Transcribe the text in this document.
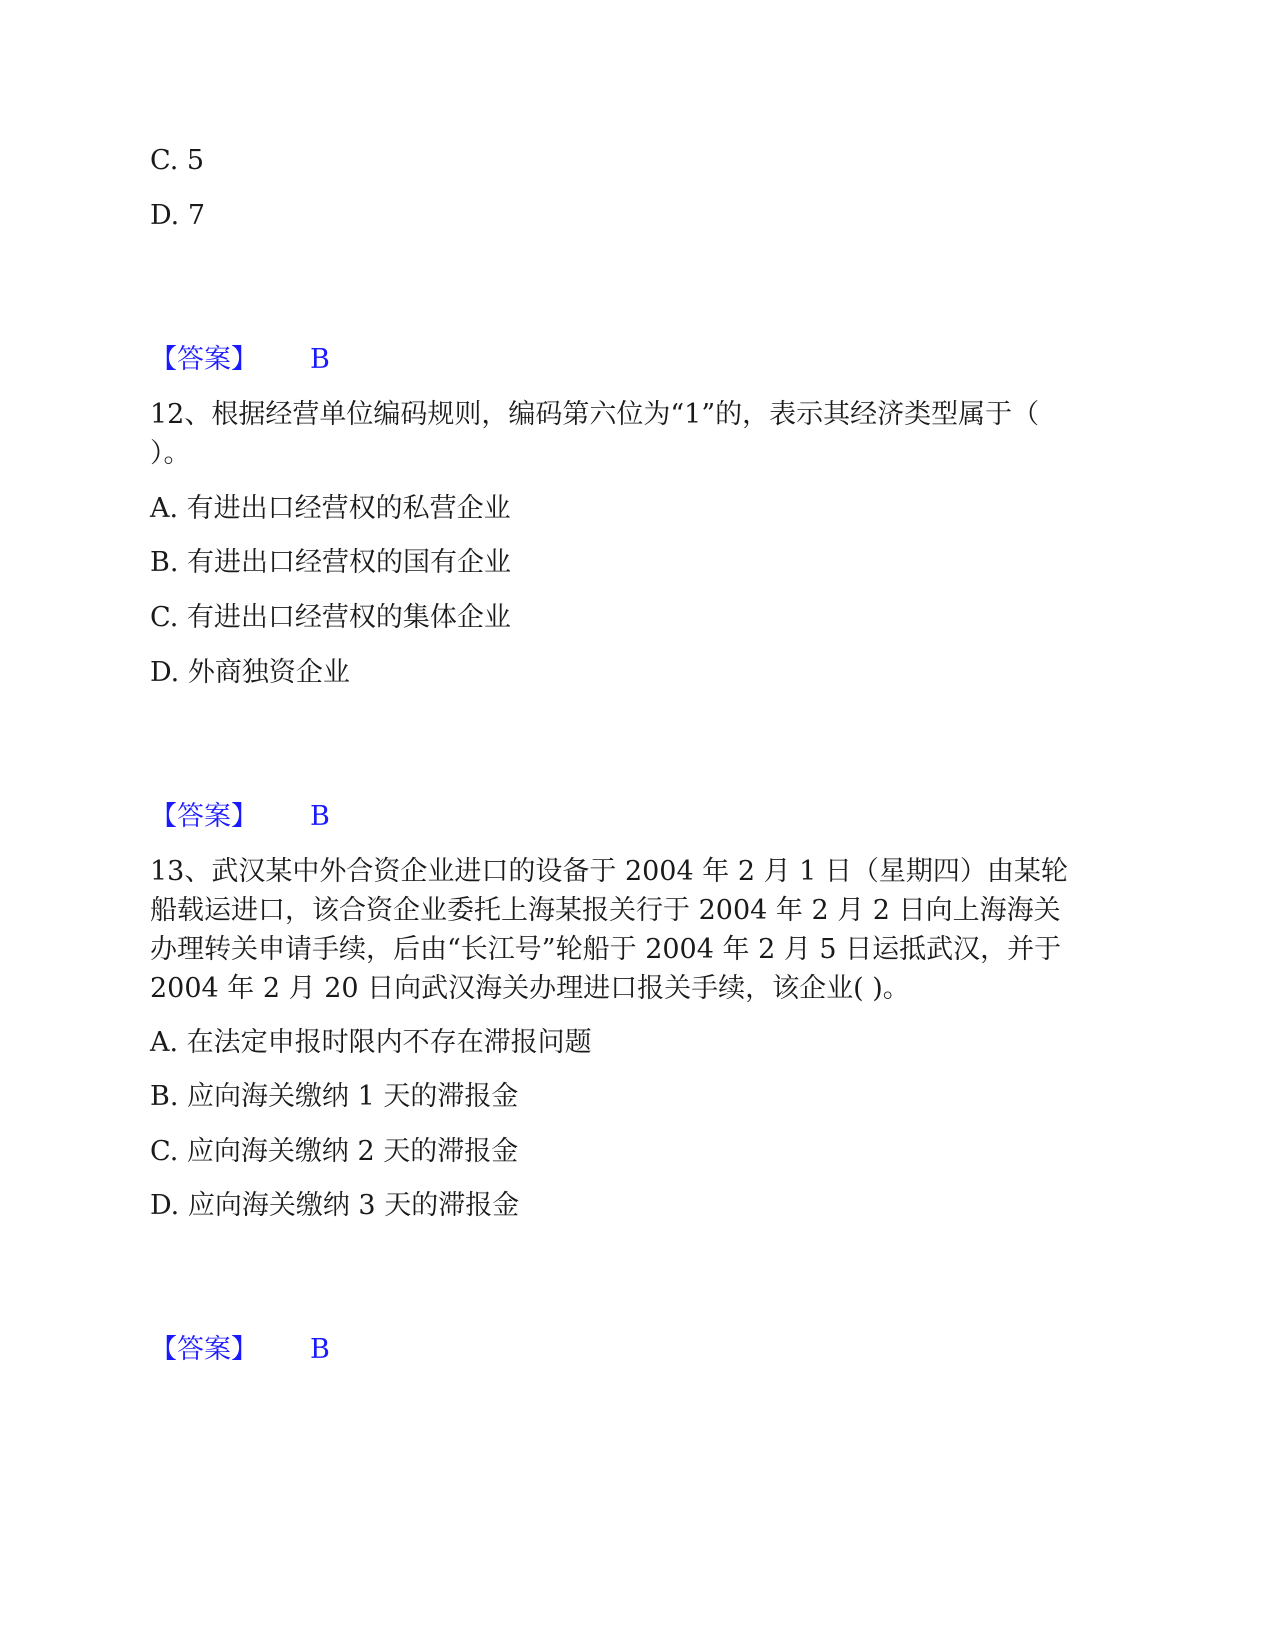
C. 5
D. 7
【答案】 B
12、根据经营单位编码规则，编码第六位为“1”的，表示其经济类型属于（
）。
A. 有进出口经营权的私营企业
B. 有进出口经营权的国有企业
C. 有进出口经营权的集体企业
D. 外商独资企业
【答案】 B
13、武汉某中外合资企业进口的设备于 2004 年 2 月 1 日（星期四）由某轮
船载运进口，该合资企业委托上海某报关行于 2004 年 2 月 2 日向上海海关
办理转关申请手续，后由“长江号”轮船于 2004 年 2 月 5 日运抵武汉，并于
2004 年 2 月 20 日向武汉海关办理进口报关手续，该企业( )。
A. 在法定申报时限内不存在滞报问题
B. 应向海关缴纳 1 天的滞报金
C. 应向海关缴纳 2 天的滞报金
D. 应向海关缴纳 3 天的滞报金
【答案】 B
